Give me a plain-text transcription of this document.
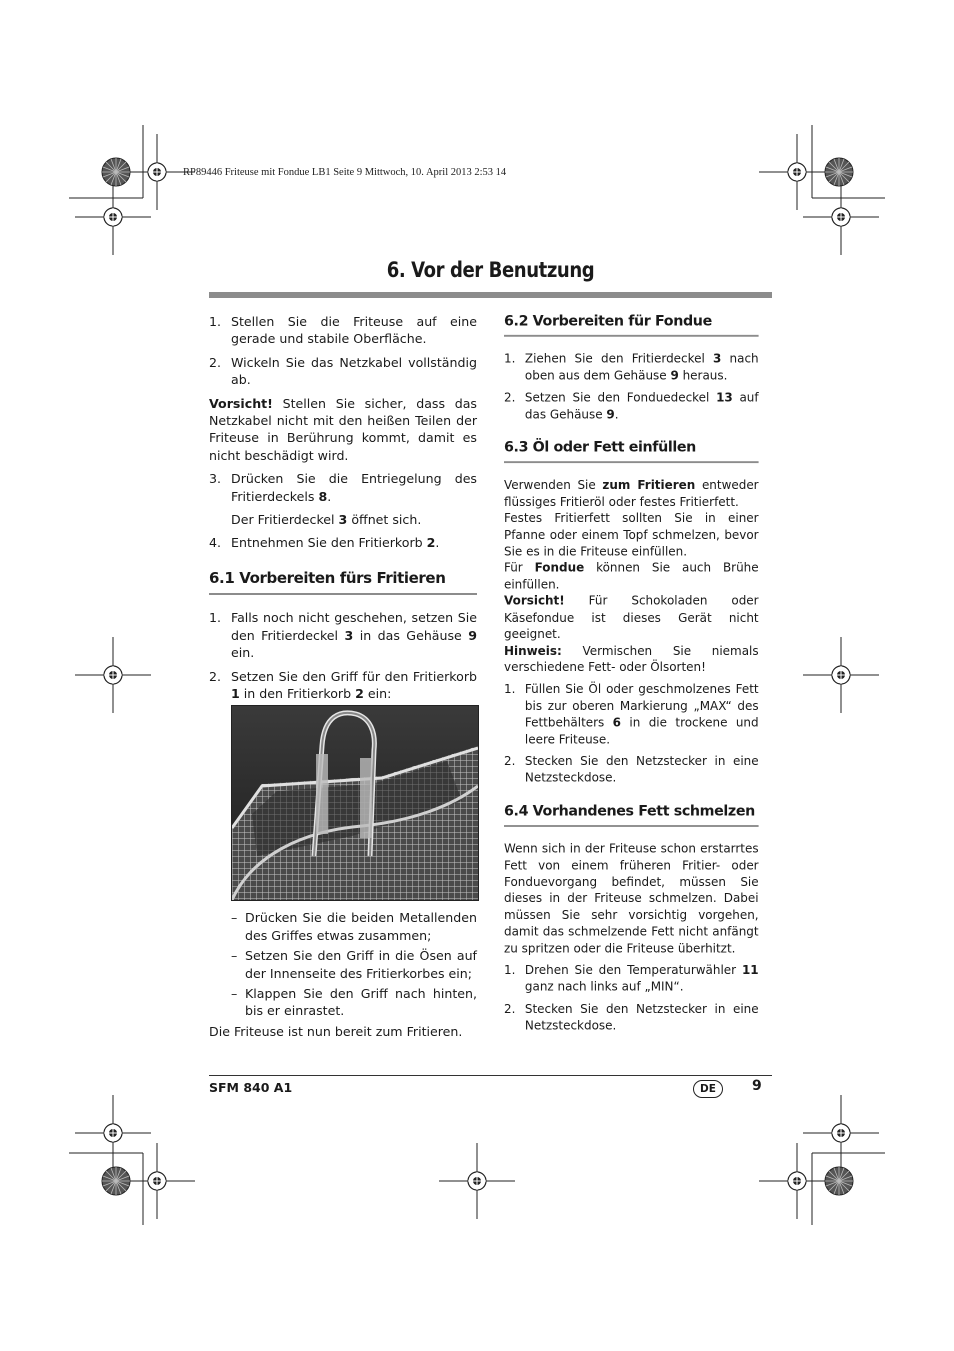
RP89446 Friteuse mit Fondue LB1 Seite 9 Mittwoch, 10. April 2013 2:53 14
6. Vor der Benutzung
1. Stellen Sie die Friteuse auf eine gerade und stabile Oberfläche.
2. Wickeln Sie das Netzkabel vollständig ab.

Vorsicht! Stellen Sie sicher, dass das Netzkabel nicht mit den heißen Teilen der Friteuse in Berührung kommt, damit es nicht beschädigt wird.

3. Drücken Sie die Entriegelung des Fritierdeckels 8.
Der Fritierdeckel 3 öffnet sich.
4. Entnehmen Sie den Fritierkorb 2.
6.1 Vorbereiten fürs Fritieren
1. Falls noch nicht geschehen, setzen Sie den Fritierdeckel 3 in das Gehäuse 9 ein.
2. Setzen Sie den Griff für den Fritierkorb 1 in den Fritierkorb 2 ein:
– Drücken Sie die beiden Metallenden des Griffes etwas zusammen;
– Setzen Sie den Griff in die Ösen auf der Innenseite des Fritierkorbes ein;
– Klappen Sie den Griff nach hinten, bis er einrastet.

Die Friteuse ist nun bereit zum Fritieren.

6.2 Vorbereiten für Fondue
1. Ziehen Sie den Fritierdeckel 3 nach oben aus dem Gehäuse 9 heraus.
2. Setzen Sie den Fonduedeckel 13 auf das Gehäuse 9.
6.3 Öl oder Fett einfüllen

Verwenden Sie zum Fritieren entweder flüssiges Fritieröl oder festes Fritierfett.

Festes Fritierfett sollten Sie in einer Pfanne oder einem Topf schmelzen, bevor Sie es in die Friteuse einfüllen.

Für Fondue können Sie auch Brühe einfüllen.

Vorsicht! Für Schokoladen oder Käsefondue ist dieses Gerät nicht geeignet.

Hinweis: Vermischen Sie niemals verschiedene Fett- oder Ölsorten!

1. Füllen Sie Öl oder geschmolzenes Fett bis zur oberen Markierung „MAX“ des Fettbehälters 6 in die trockene und leere Friteuse.
2. Stecken Sie den Netzstecker in eine Netzsteckdose.
6.4 Vorhandenes Fett schmelzen

Wenn sich in der Friteuse schon erstarrtes Fett von einem früheren Fritier- oder Fonduevorgang befindet, müssen Sie dieses in der Friteuse schmelzen. Dabei müssen Sie sehr vorsichtig vorgehen, damit das schmelzende Fett nicht anfängt zu spritzen oder die Friteuse überhitzt.

1. Drehen Sie den Temperaturwähler 11 ganz nach links auf „MIN“.
2. Stecken Sie den Netzstecker in eine Netzsteckdose.
SFM 840 A1	DE	9
